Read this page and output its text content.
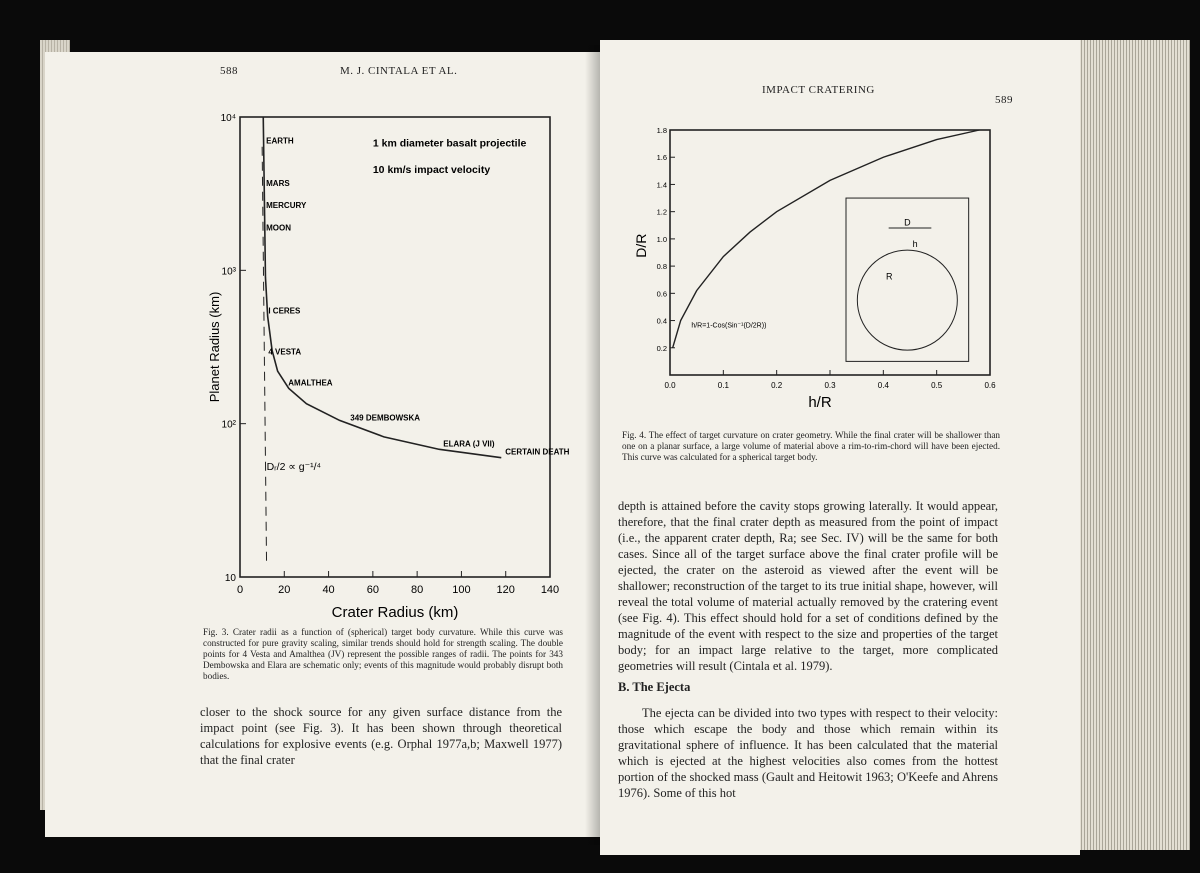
588	M. J. CINTALA ET AL.
0	20	40	60	80	100 120 140
10
10²
10³
10⁴
Crater Radius (km)
Planet Radius (km)
EARTH
MARS
MERCURY
MOON
I CERES
4 VESTA
AMALTHEA
349 DEMBOWSKA
ELARA (J VII)
CERTAIN DEATH
1 km diameter basalt projectile
10 km/s impact velocity
Dᵣ/2 ∝ g⁻¹/⁴
Fig. 3. Crater radii as a function of (spherical) target body curvature. While this curve was constructed for pure gravity scaling, similar trends should hold for strength scaling. The double points for 4 Vesta and Amalthea (JV) represent the possible ranges of radii. The points for 343 Dembowska and Elara are schematic only; events of this magnitude would probably disrupt both bodies.
closer to the shock source for any given surface distance from the impact point (see Fig. 3). It has been shown through theoretical calculations for explosive events (e.g. Orphal 1977a,b; Maxwell 1977) that the final crater
IMPACT CRATERING
589
0.0	0.1	0.2	0.3	0.4	0.5	0.6
0.2
0.4
0.6
0.8
1.0
1.2
1.4
1.6
1.8
h/R
D/R
h/R=1-Cos(Sin⁻¹(D/2R))
D
h
R
Fig. 4. The effect of target curvature on crater geometry. While the final crater will be shallower than one on a planar surface, a large volume of material above a rim-to-rim-chord will have been ejected. This curve was calculated for a spherical target body.
depth is attained before the cavity stops growing laterally. It would appear, therefore, that the final crater depth as measured from the point of impact (i.e., the apparent crater depth, Ra; see Sec. IV) will be the same for both cases. Since all of the target surface above the final crater profile will be ejected, the crater on the asteroid as viewed after the event will be shallower; reconstruction of the target to its true initial shape, however, will reveal the total volume of material actually removed by the cratering event (see Fig. 4). This effect should hold for a set of conditions defined by the magnitude of the event with respect to the size and properties of the target body; for an impact large relative to the target, more complicated geometries will result (Cintala et al. 1979).
B. The Ejecta
The ejecta can be divided into two types with respect to their velocity: those which escape the body and those which remain within its gravitational sphere of influence. It has been calculated that the material which is ejected at the highest velocities also comes from the hottest portion of the shocked mass (Gault and Heitowit 1963; O'Keefe and Ahrens 1976). Some of this hot
